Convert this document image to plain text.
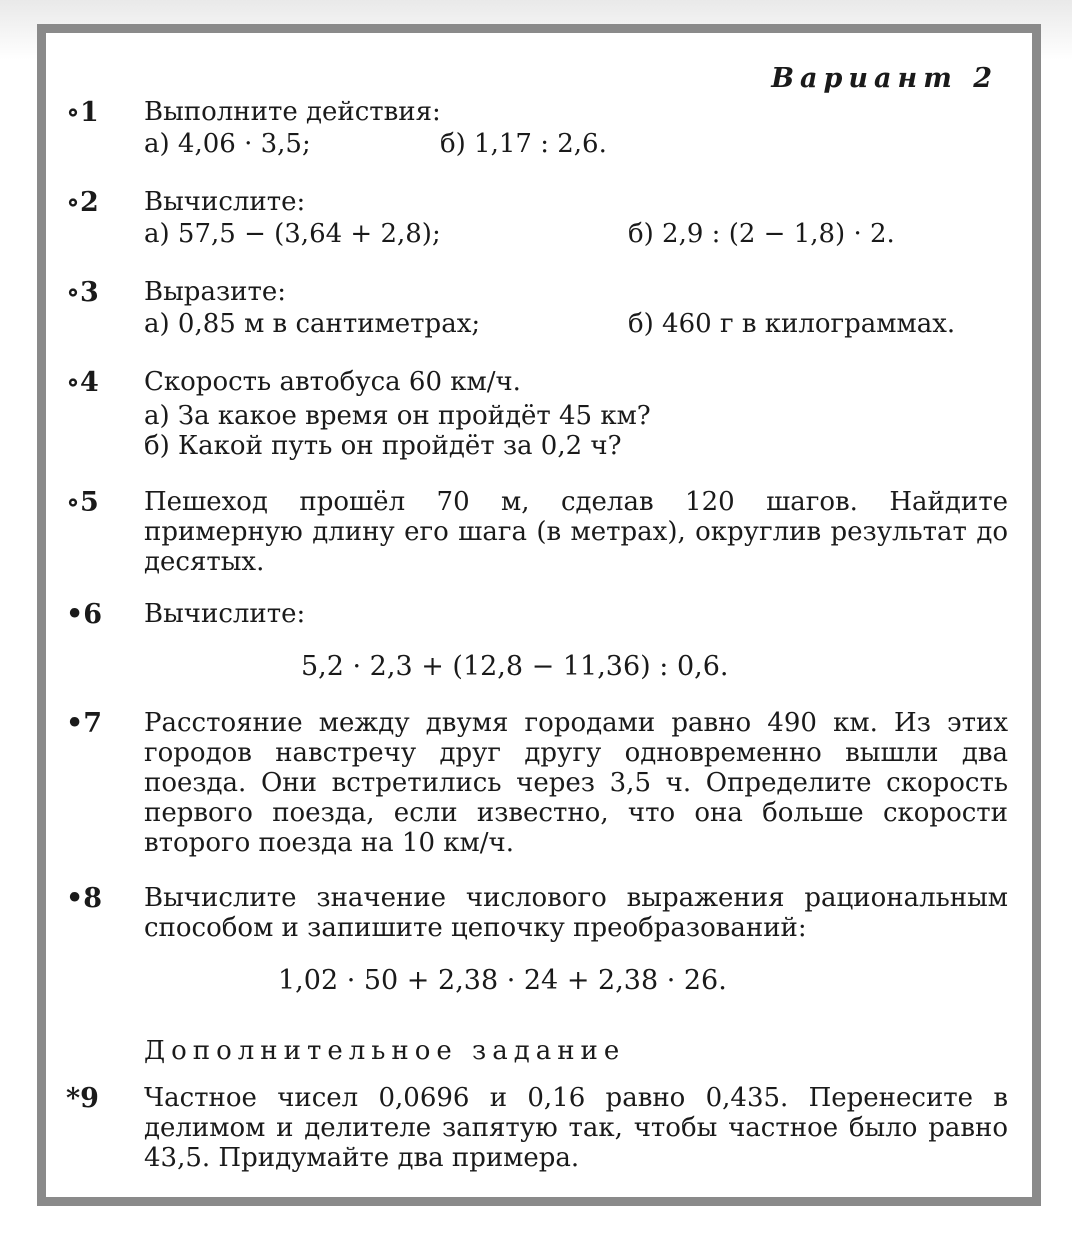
Вариант 2
∘1	Выполните действия:
а) 4,06 · 3,5;	б) 1,17 : 2,6.
∘2	Вычислите:
а) 57,5 − (3,64 + 2,8);	б) 2,9 : (2 − 1,8) · 2.
∘3	Выразите:
а) 0,85 м в сантиметрах;	б) 460 г в килограммах.
∘4	Скорость автобуса 60 км/ч.
а) За какое время он пройдёт 45 км?
б) Какой путь он пройдёт за 0,2 ч?
∘5	Пешеход прошёл 70 м, сделав 120 шагов. Найдите примерную длину его шага (в метрах), округлив результат до десятых.
•6	Вычислите:
5,2 · 2,3 + (12,8 − 11,36) : 0,6.
•7	Расстояние между двумя городами равно 490 км. Из этих городов навстречу друг другу одновременно вышли два поезда. Они встретились через 3,5 ч. Определите скорость первого поезда, если известно, что она больше скорости второго поезда на 10 км/ч.
•8	Вычислите значение числового выражения рациональным способом и запишите цепочку преобразований:
1,02 · 50 + 2,38 · 24 + 2,38 · 26.
Дополнительное задание
*9	Частное чисел 0,0696 и 0,16 равно 0,435. Перенесите в делимом и делителе запятую так, чтобы частное было равно 43,5. Придумайте два примера.
